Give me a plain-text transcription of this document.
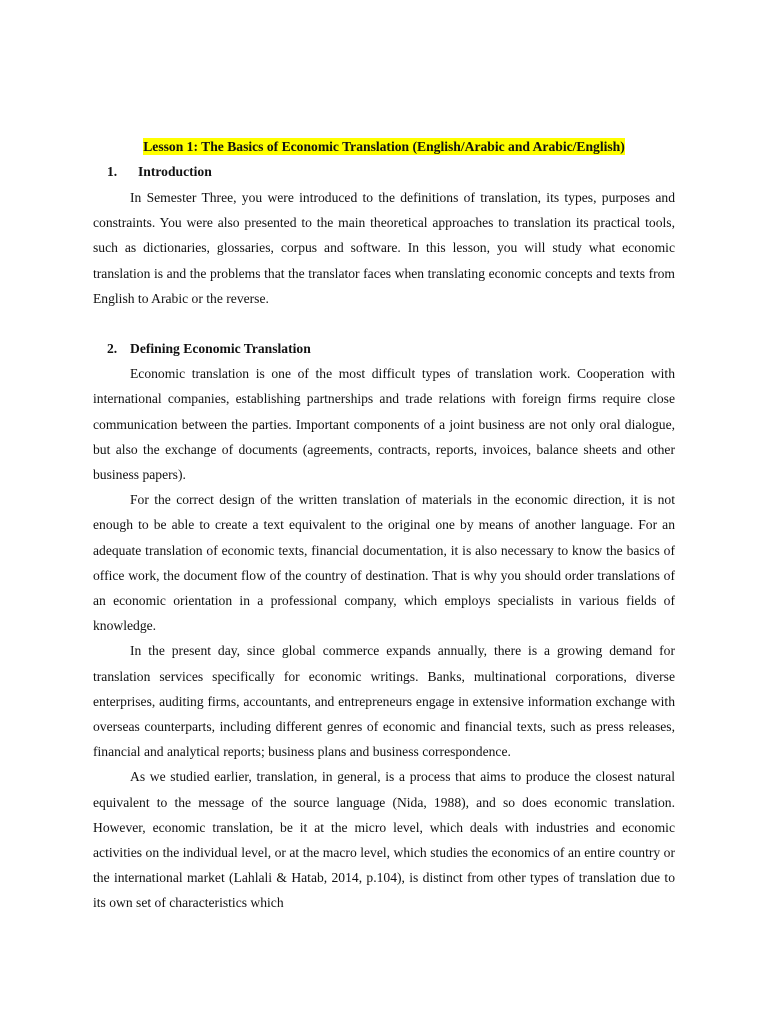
Lesson 1: The Basics of Economic Translation (English/Arabic and Arabic/English)
1. Introduction

In Semester Three, you were introduced to the definitions of translation, its types, purposes and constraints. You were also presented to the main theoretical approaches to translation its practical tools, such as dictionaries, glossaries, corpus and software. In this lesson, you will study what economic translation is and the problems that the translator faces when translating economic concepts and texts from English to Arabic or the reverse.

2. Defining Economic Translation

Economic translation is one of the most difficult types of translation work. Cooperation with international companies, establishing partnerships and trade relations with foreign firms require close communication between the parties. Important components of a joint business are not only oral dialogue, but also the exchange of documents (agreements, contracts, reports, invoices, balance sheets and other business papers).

For the correct design of the written translation of materials in the economic direction, it is not enough to be able to create a text equivalent to the original one by means of another language. For an adequate translation of economic texts, financial documentation, it is also necessary to know the basics of office work, the document flow of the country of destination. That is why you should order translations of an economic orientation in a professional company, which employs specialists in various fields of knowledge.

In the present day, since global commerce expands annually, there is a growing demand for translation services specifically for economic writings. Banks, multinational corporations, diverse enterprises, auditing firms, accountants, and entrepreneurs engage in extensive information exchange with overseas counterparts, including different genres of economic and financial texts, such as press releases, financial and analytical reports; business plans and business correspondence.

As we studied earlier, translation, in general, is a process that aims to produce the closest natural equivalent to the message of the source language (Nida, 1988), and so does economic translation. However, economic translation, be it at the micro level, which deals with industries and economic activities on the individual level, or at the macro level, which studies the economics of an entire country or the international market (Lahlali & Hatab, 2014, p.104), is distinct from other types of translation due to its own set of characteristics which
